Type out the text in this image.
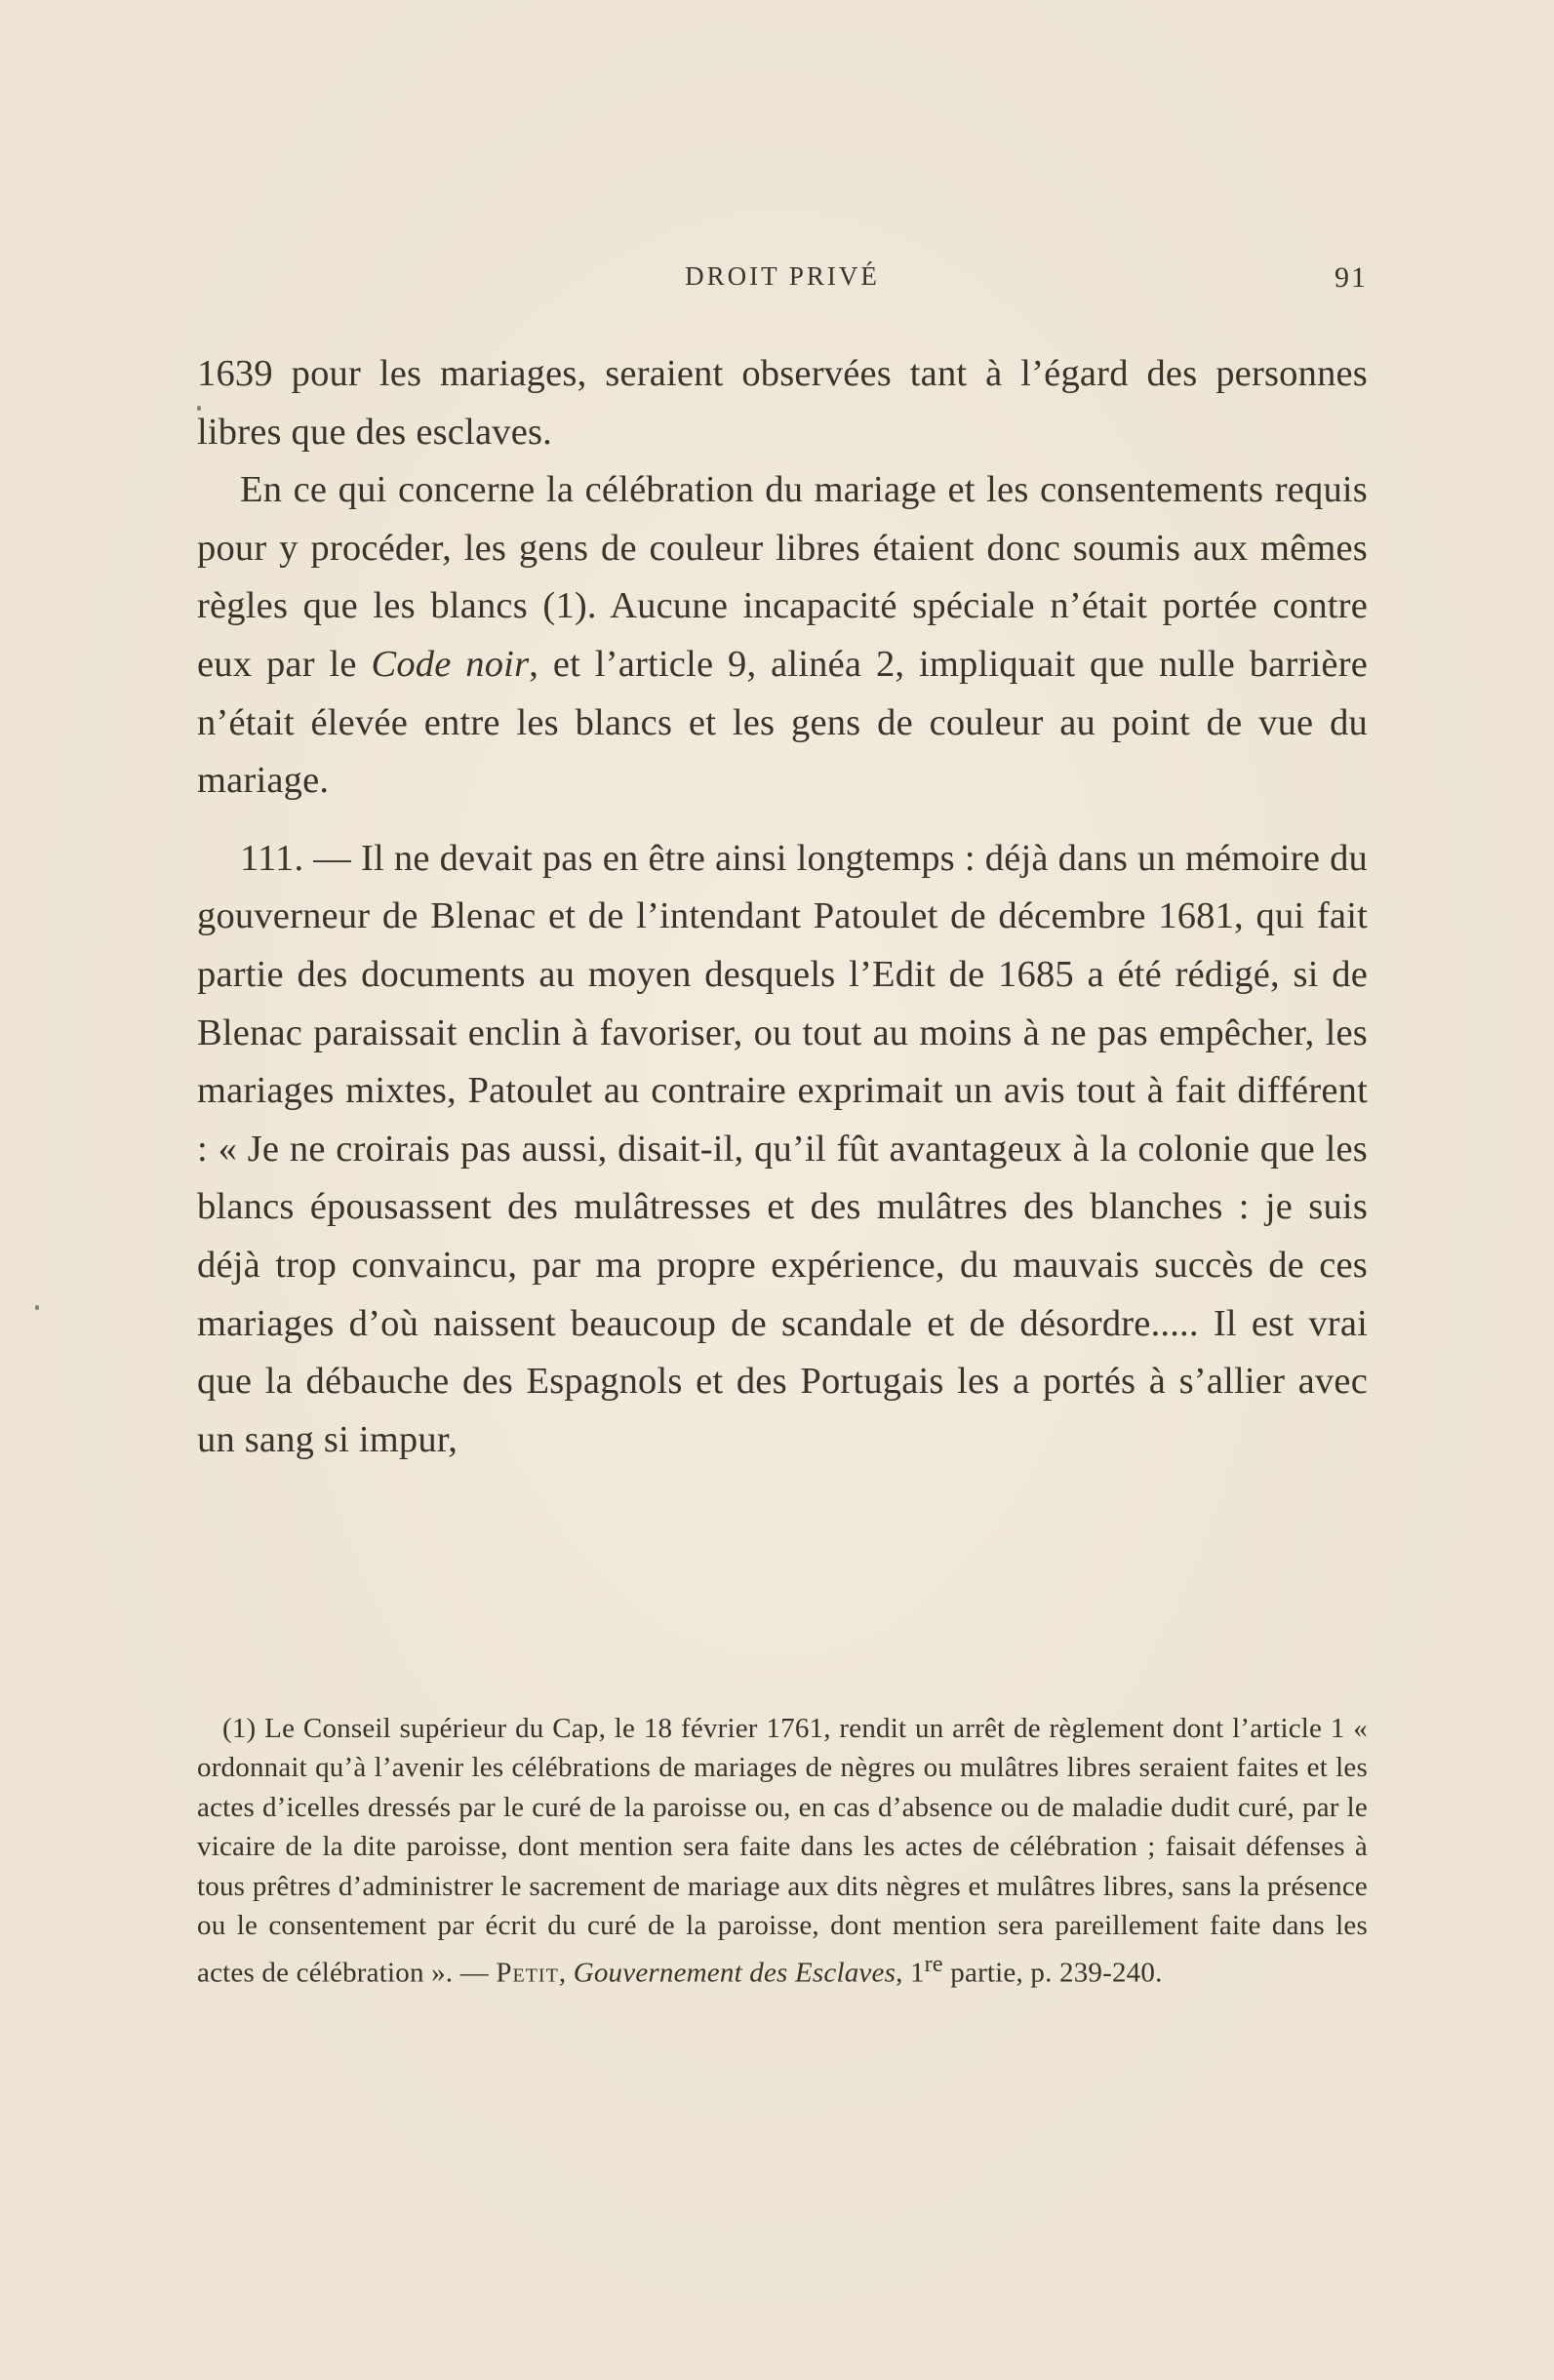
DROIT PRIVÉ	91

1639 pour les mariages, seraient observées tant à l’égard des personnes libres que des esclaves.

En ce qui concerne la célébration du mariage et les consentements requis pour y procéder, les gens de couleur libres étaient donc soumis aux mêmes règles que les blancs (1). Aucune incapacité spéciale n’était portée contre eux par le Code noir, et l’article 9, alinéa 2, impliquait que nulle barrière n’était élevée entre les blancs et les gens de couleur au point de vue du mariage.

111. — Il ne devait pas en être ainsi longtemps : déjà dans un mémoire du gouverneur de Blenac et de l’intendant Patoulet de décembre 1681, qui fait partie des documents au moyen desquels l’Edit de 1685 a été rédigé, si de Blenac paraissait enclin à favoriser, ou tout au moins à ne pas empêcher, les mariages mixtes, Patoulet au contraire exprimait un avis tout à fait différent : « Je ne croirais pas aussi, disait-il, qu’il fût avantageux à la colonie que les blancs épousassent des mulâtresses et des mulâtres des blanches : je suis déjà trop convaincu, par ma propre expérience, du mauvais succès de ces mariages d’où naissent beaucoup de scandale et de désordre..... Il est vrai que la débauche des Espagnols et des Portugais les a portés à s’allier avec un sang si impur,

(1) Le Conseil supérieur du Cap, le 18 février 1761, rendit un arrêt de règlement dont l’article 1 « ordonnait qu’à l’avenir les célébrations de mariages de nègres ou mulâtres libres seraient faites et les actes d’icelles dressés par le curé de la paroisse ou, en cas d’absence ou de maladie dudit curé, par le vicaire de la dite paroisse, dont mention sera faite dans les actes de célébration ; faisait défenses à tous prêtres d’administrer le sacrement de mariage aux dits nègres et mulâtres libres, sans la présence ou le consentement par écrit du curé de la paroisse, dont mention sera pareillement faite dans les actes de célébration ». — Petit, Gouvernement des Esclaves, 1re partie, p. 239-240.
